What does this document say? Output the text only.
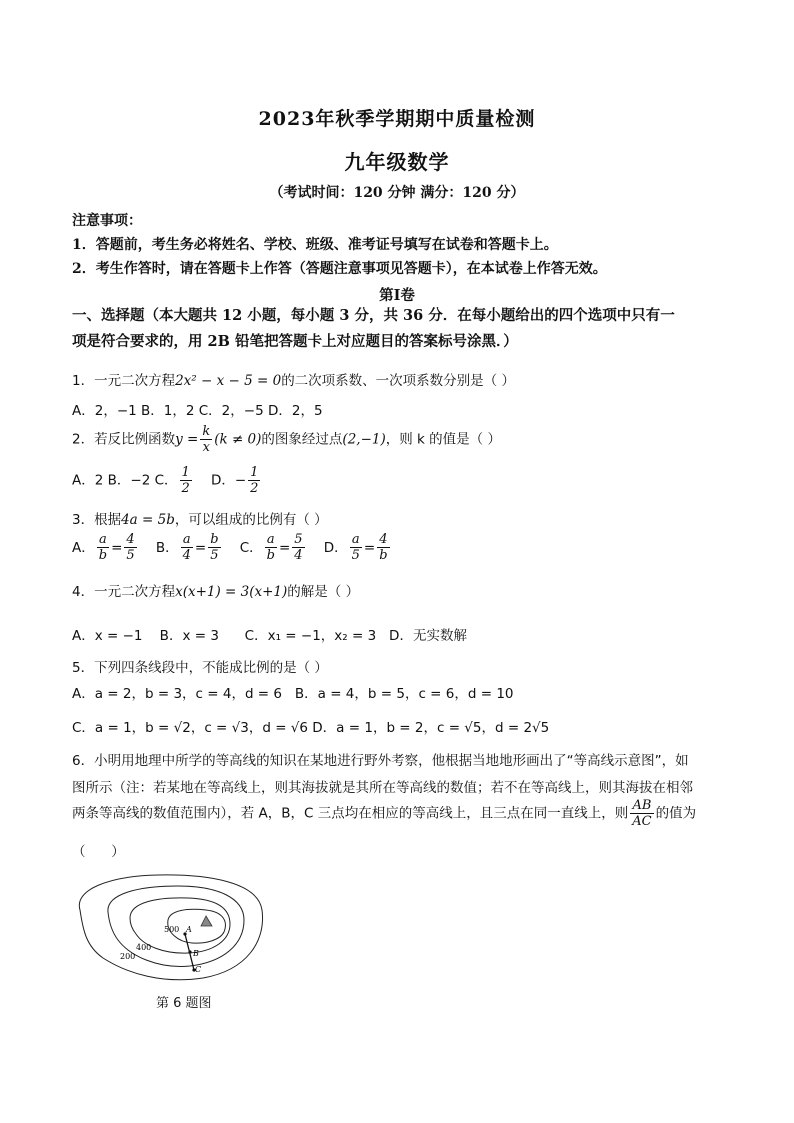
2023年秋季学期期中质量检测
九年级数学
（考试时间：120 分钟 满分：120 分）
注意事项：
1．答题前，考生务必将姓名、学校、班级、准考证号填写在试卷和答题卡上。
2．考生作答时，请在答题卡上作答（答题注意事项见答题卡），在本试卷上作答无效。
第Ⅰ卷
一、选择题（本大题共 12 小题，每小题 3 分，共 36 分．在每小题给出的四个选项中只有一
项是符合要求的，用 2B 铅笔把答题卡上对应题目的答案标号涂黑．）
1．一元二次方程2x² − x − 5 = 0的二次项系数、一次项系数分别是（ ）
A．2，−1 B．1，2 C．2，−5 D．2，5
2．若反比例函数$y = \frac{k}{x} (k \ne 0)$的图象经过点(2,−1)，则 k 的值是（ ）
A．2 B．−2 C． $\frac{1}{2}$ D．− $\frac{1}{2}$
3．根据4a = 5b，可以组成的比例有（ ）
A． $\frac{a}{b} = \frac{4}{5}$ B． $\frac{a}{4} = \frac{b}{5}$ C． $\frac{a}{b} = \frac{5}{4}$ D． $\frac{a}{5} = \frac{4}{b}$
4．一元二次方程x(x+1) = 3(x+1)的解是（ ）
A．x = −1    B．x = 3      C．x₁ = −1，x₂ = 3   D．无实数解
5．下列四条线段中，不能成比例的是（ ）
A．a = 2，b = 3，c = 4，d = 6   B．a = 4，b = 5，c = 6，d = 10
C．a = 1，b = √2，c = √3，d = √6 D．a = 1，b = 2，c = √5，d = 2√5
6．小明用地理中所学的等高线的知识在某地进行野外考察，他根据当地地形画出了“等高线示意图”，如
图所示（注：若某地在等高线上，则其海拔就是其所在等高线的数值；若不在等高线上，则其海拔在相邻
两条等高线的数值范围内），若 A，B，C 三点均在相应的等高线上，且三点在同一直线上，则 $\frac{AB}{AC}$ 的值为
（      ）
500
400
200
A
B
C
第 6 题图
